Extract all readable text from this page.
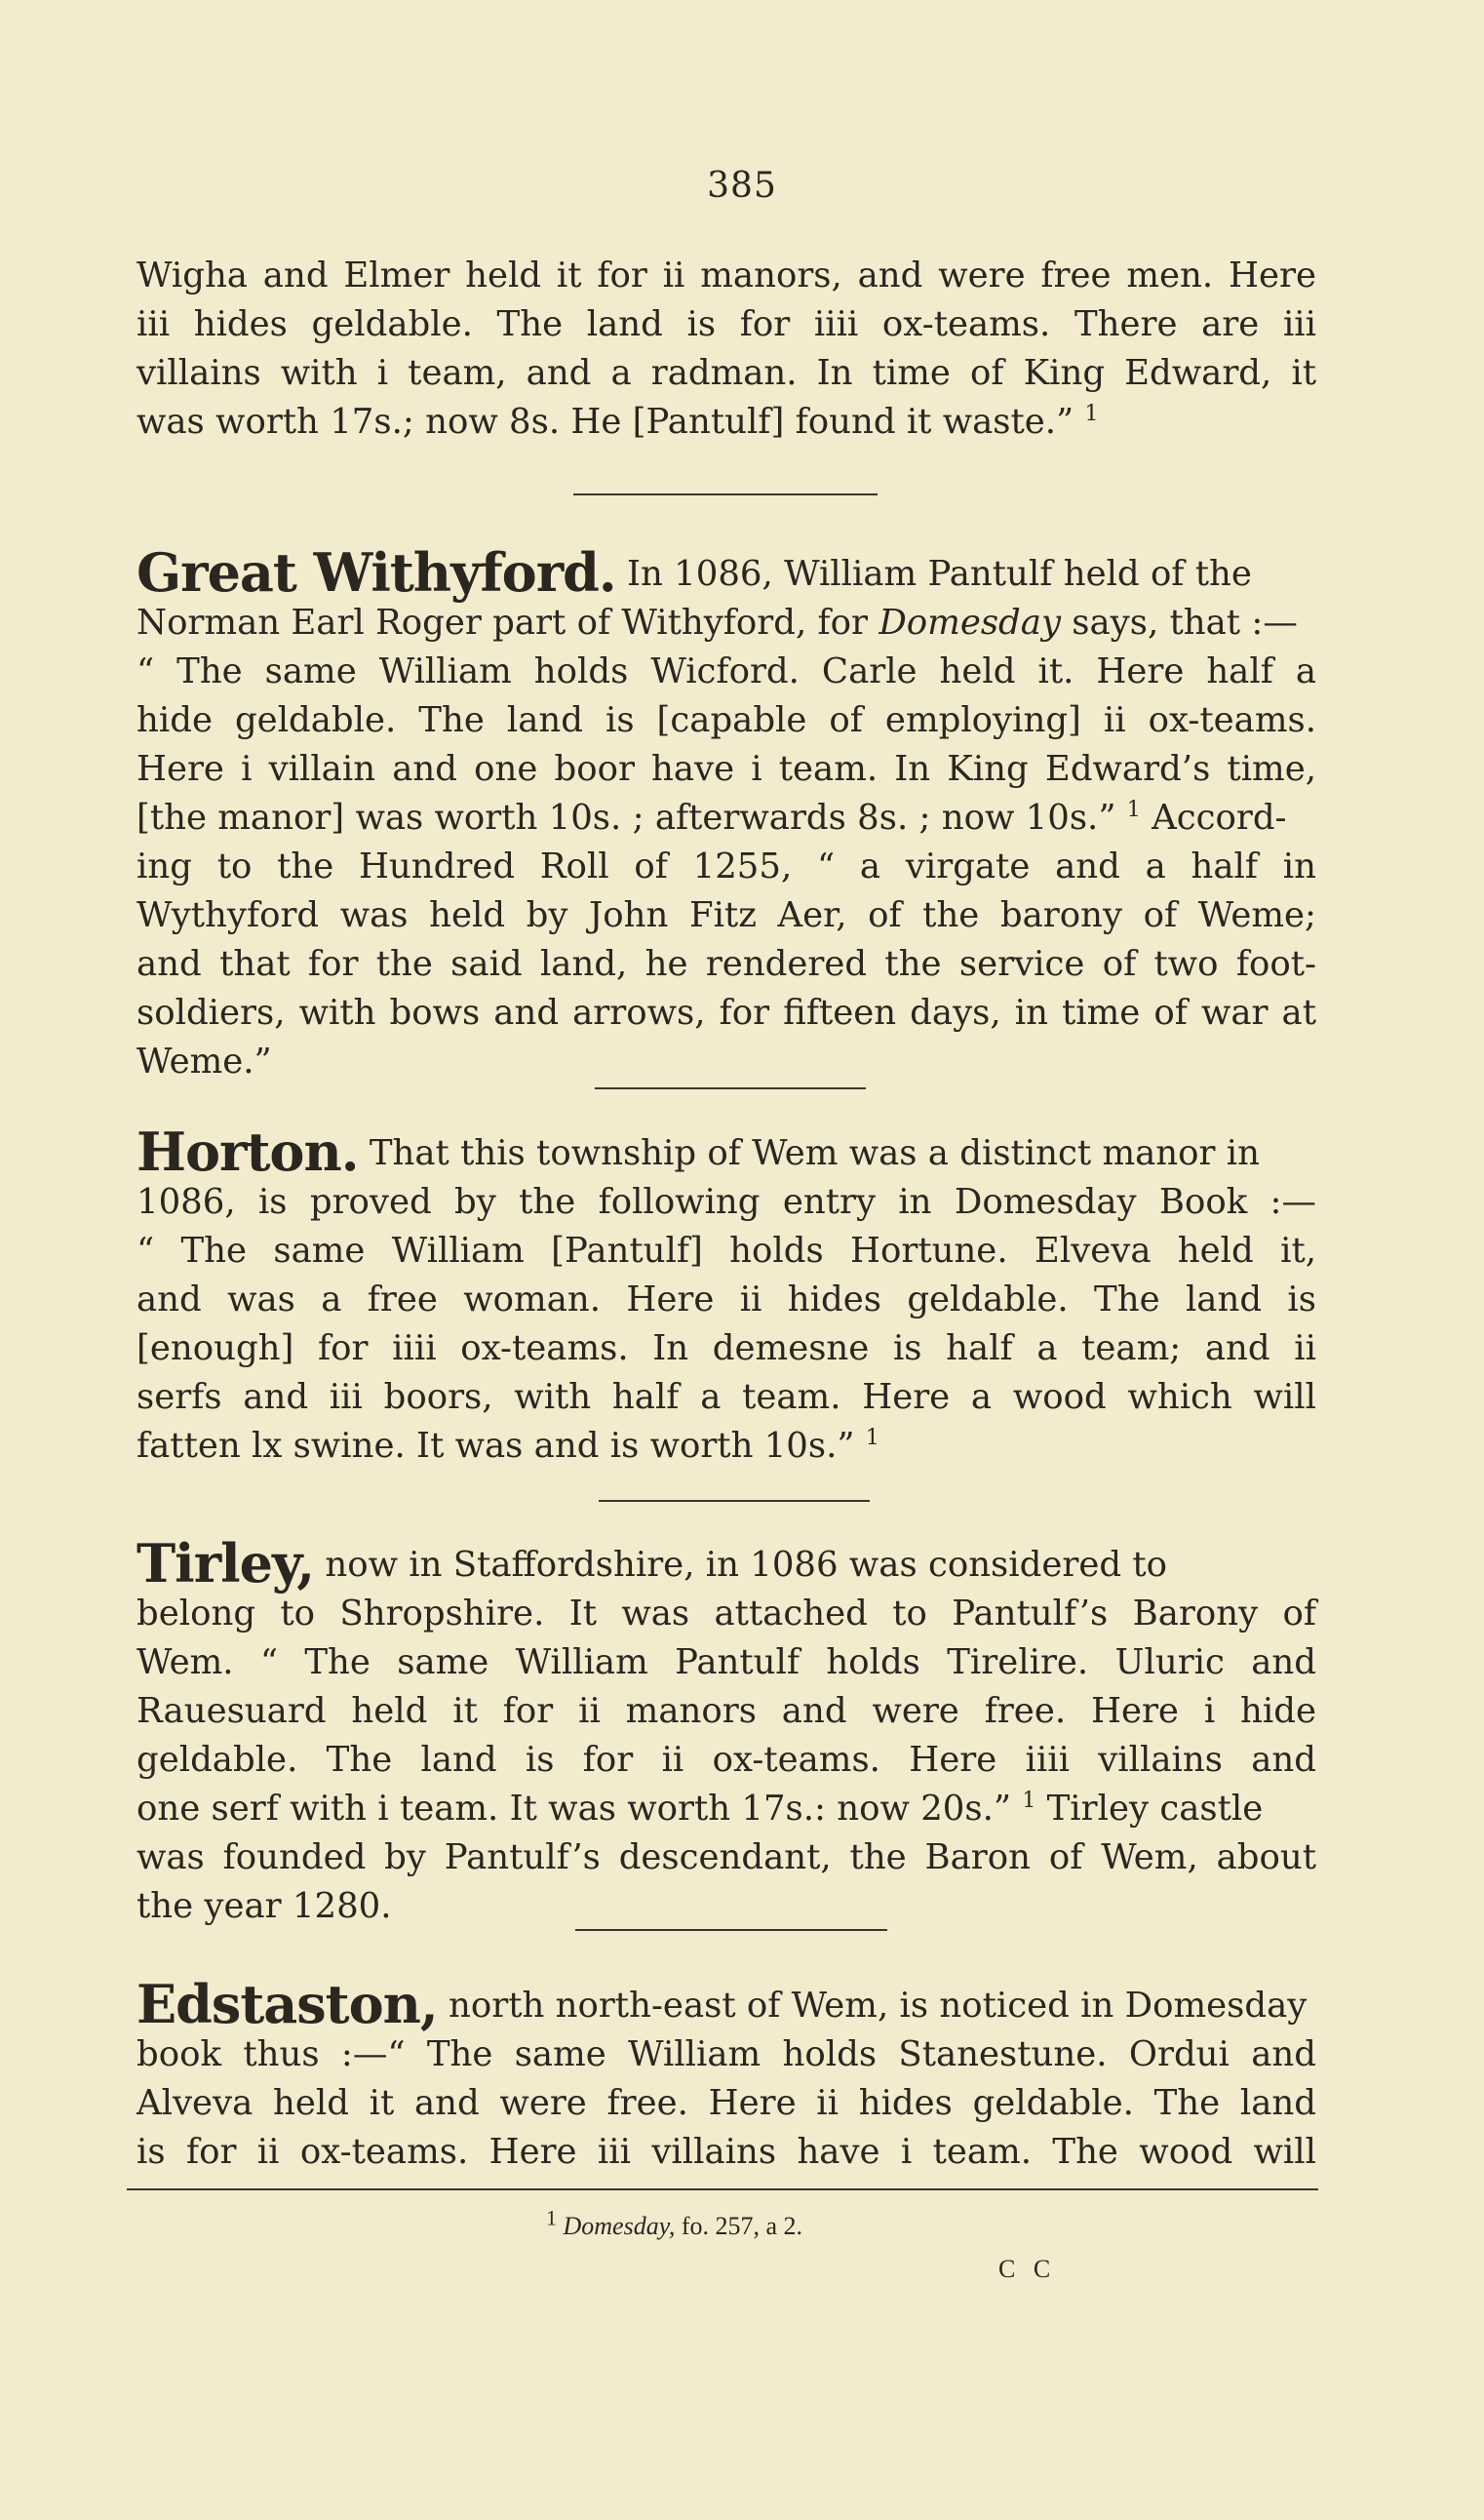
385
Wigha and Elmer held it for ii manors, and were free men. Here
iii hides geldable. The land is for iiii ox-teams. There are iii
villains with i team, and a radman. In time of King Edward, it
was worth 17s.; now 8s. He [Pantulf] found it waste.” $^1$
Great Withyford. In 1086, William Pantulf held of the
Norman Earl Roger part of Withyford, for Domesday says, that :—
“ The same William holds Wicford. Carle held it. Here half a
hide geldable. The land is [capable of employing] ii ox-teams.
Here i villain and one boor have i team. In King Edward’s time,
[the manor] was worth 10s. ; afterwards 8s. ; now 10s.” $^1$ Accord-
ing to the Hundred Roll of 1255, “ a virgate and a half in
Wythyford was held by John Fitz Aer, of the barony of Weme;
and that for the said land, he rendered the service of two foot-
soldiers, with bows and arrows, for fifteen days, in time of war at
Weme.”
Horton. That this township of Wem was a distinct manor in
1086, is proved by the following entry in Domesday Book :—
“ The same William [Pantulf] holds Hortune. Elveva held it,
and was a free woman. Here ii hides geldable. The land is
[enough] for iiii ox-teams. In demesne is half a team; and ii
serfs and iii boors, with half a team. Here a wood which will
fatten lx swine. It was and is worth 10s.” $^1$
Tirley, now in Staffordshire, in 1086 was considered to
belong to Shropshire. It was attached to Pantulf’s Barony of
Wem. “ The same William Pantulf holds Tirelire. Uluric and
Rauesuard held it for ii manors and were free. Here i hide
geldable. The land is for ii ox-teams. Here iiii villains and
one serf with i team. It was worth 17s.: now 20s.” $^1$ Tirley castle
was founded by Pantulf’s descendant, the Baron of Wem, about
the year 1280.
Edstaston, north north-east of Wem, is noticed in Domesday
book thus :—“ The same William holds Stanestune. Ordui and
Alveva held it and were free. Here ii hides geldable. The land
is for ii ox-teams. Here iii villains have i team. The wood will
$^1$ Domesday, fo. 257, a 2.
C C
